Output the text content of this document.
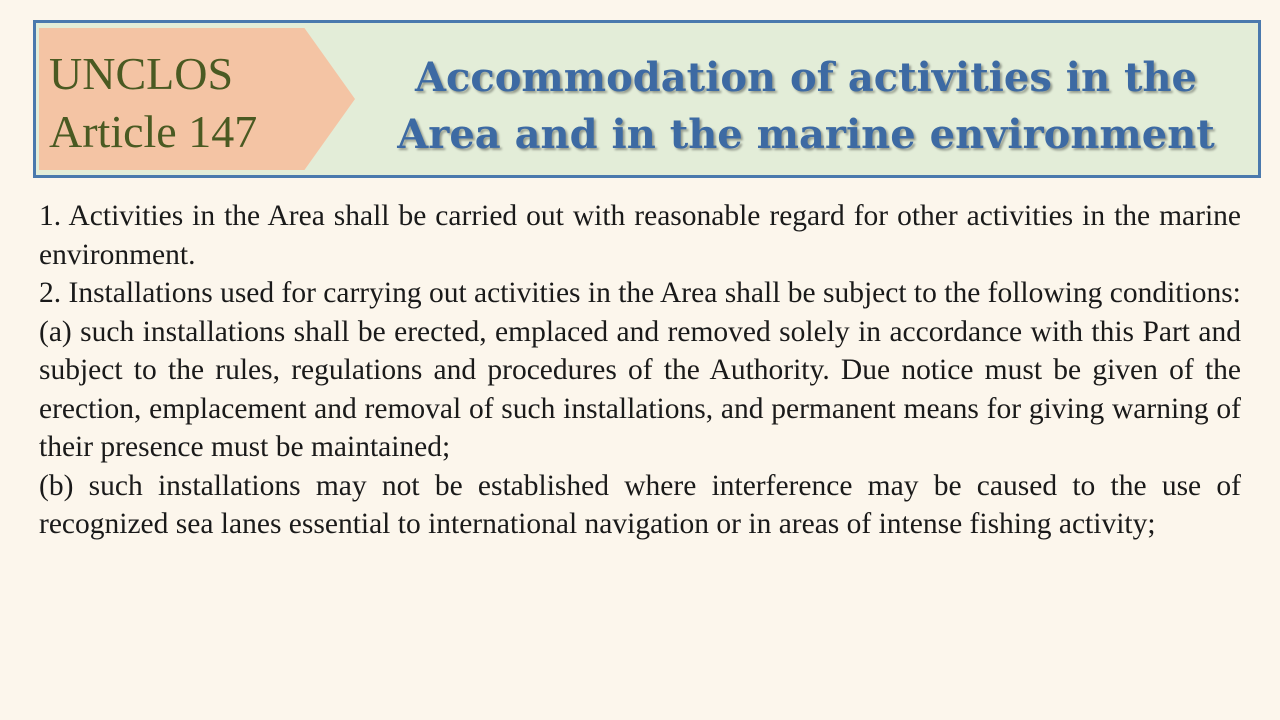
UNCLOS
Article 147
Accommodation of activities in the
Area and in the marine environment

1. Activities in the Area shall be carried out with reasonable regard for other activities in the marine environment.

2. Installations used for carrying out activities in the Area shall be subject to the following conditions:

(a) such installations shall be erected, emplaced and removed solely in accordance with this Part and subject to the rules, regulations and procedures of the Authority. Due notice must be given of the erection, emplacement and removal of such installations, and permanent means for giving warning of their presence must be maintained;

(b) such installations may not be established where interference may be caused to the use of recognized sea lanes essential to international navigation or in areas of intense fishing activity;
